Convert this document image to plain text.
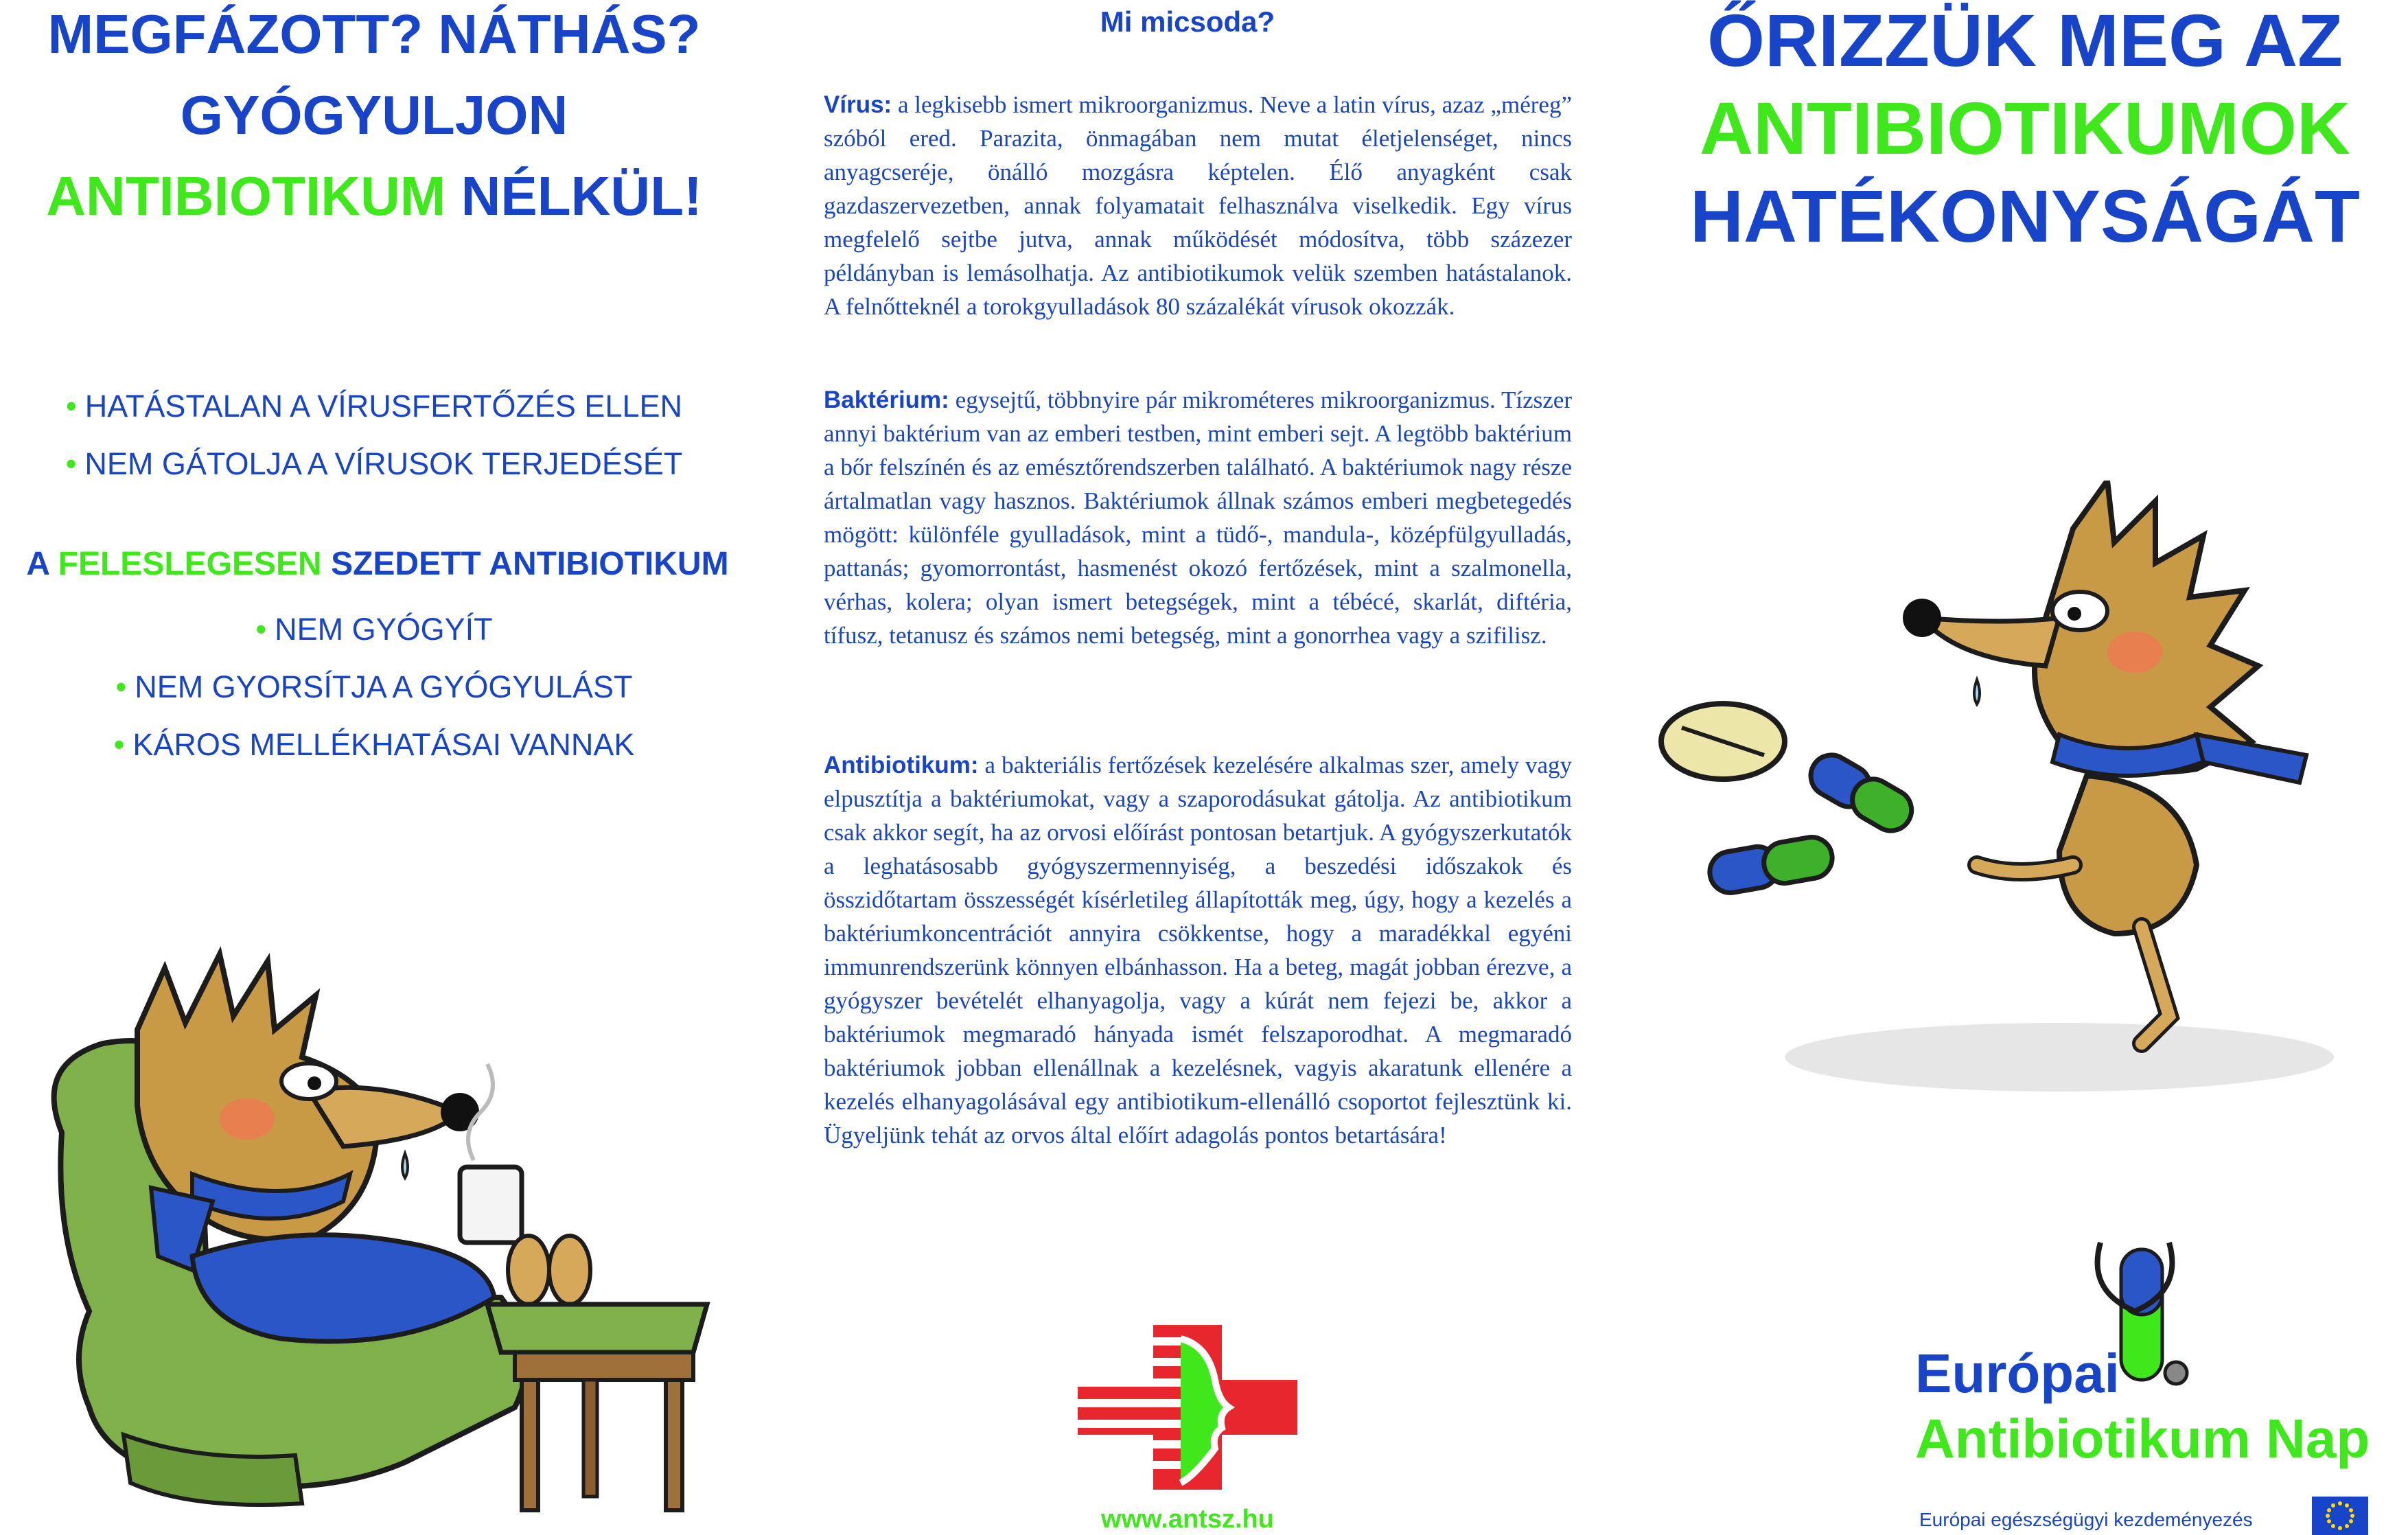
MEGFÁZOTT? NÁTHÁS?
GYÓGYULJON
ANTIBIOTIKUM NÉLKÜL!
• HATÁSTALAN A VÍRUSFERTŐZÉS ELLEN
• NEM GÁTOLJA A VÍRUSOK TERJEDÉSÉT
A FELESLEGESEN SZEDETT ANTIBIOTIKUM
• NEM GYÓGYÍT
• NEM GYORSÍTJA A GYÓGYULÁST
• KÁROS MELLÉKHATÁSAI VANNAK
Mi micsoda?

Vírus: a legkisebb ismert mikroorganizmus. Neve a latin vírus, azaz „méreg” szóból ered. Parazita, önmagában nem mutat életjelenséget, nincs anyagcseréje, önálló mozgásra képtelen. Élő anyagként csak gazdaszervezetben, annak folyamatait felhasználva viselkedik. Egy vírus megfelelő sejtbe jutva, annak működését módosítva, több százezer példányban is lemásolhatja. Az antibiotikumok velük szemben hatástalanok. A felnőtteknél a torokgyulladások 80 százalékát vírusok okozzák.

Baktérium: egysejtű, többnyire pár mikrométeres mikroorganizmus. Tízszer annyi baktérium van az emberi testben, mint emberi sejt. A legtöbb baktérium a bőr felszínén és az emésztőrendszerben található. A baktériumok nagy része ártalmatlan vagy hasznos. Baktériumok állnak számos emberi megbetegedés mögött: különféle gyulladások, mint a tüdő-, mandula-, középfülgyulladás, pattanás; gyomorrontást, hasmenést okozó fertőzések, mint a szalmonella, vérhas, kolera; olyan ismert betegségek, mint a tébécé, skarlát, diftéria, tífusz, tetanusz és számos nemi betegség, mint a gonorrhea vagy a szifilisz.

Antibiotikum: a bakteriális fertőzések kezelésére alkalmas szer, amely vagy elpusztítja a baktériumokat, vagy a szaporodásukat gátolja. Az antibiotikum csak akkor segít, ha az orvosi előírást pontosan betartjuk. A gyógyszerkutatók a leghatásosabb gyógyszermennyiség, a beszedési időszakok és összidőtartam összességét kísérletileg állapították meg, úgy, hogy a kezelés a baktériumkoncentrációt annyira csökkentse, hogy a maradékkal egyéni immunrendszerünk könnyen elbánhasson. Ha a beteg, magát jobban érezve, a gyógyszer bevételét elhanyagolja, vagy a kúrát nem fejezi be, akkor a baktériumok megmaradó hányada ismét felszaporodhat. A megmaradó baktériumok jobban ellenállnak a kezelésnek, vagyis akaratunk ellenére a kezelés elhanyagolásával egy antibiotikum-ellenálló csoportot fejlesztünk ki. Ügyeljünk tehát az orvos által előírt adagolás pontos betartására!

www.antsz.hu

ŐRIZZÜK MEG AZ
ANTIBIOTIKUMOK
HATÉKONYSÁGÁT

Európai

Antibiotikum Nap

Európai egészségügyi kezdeményezés
